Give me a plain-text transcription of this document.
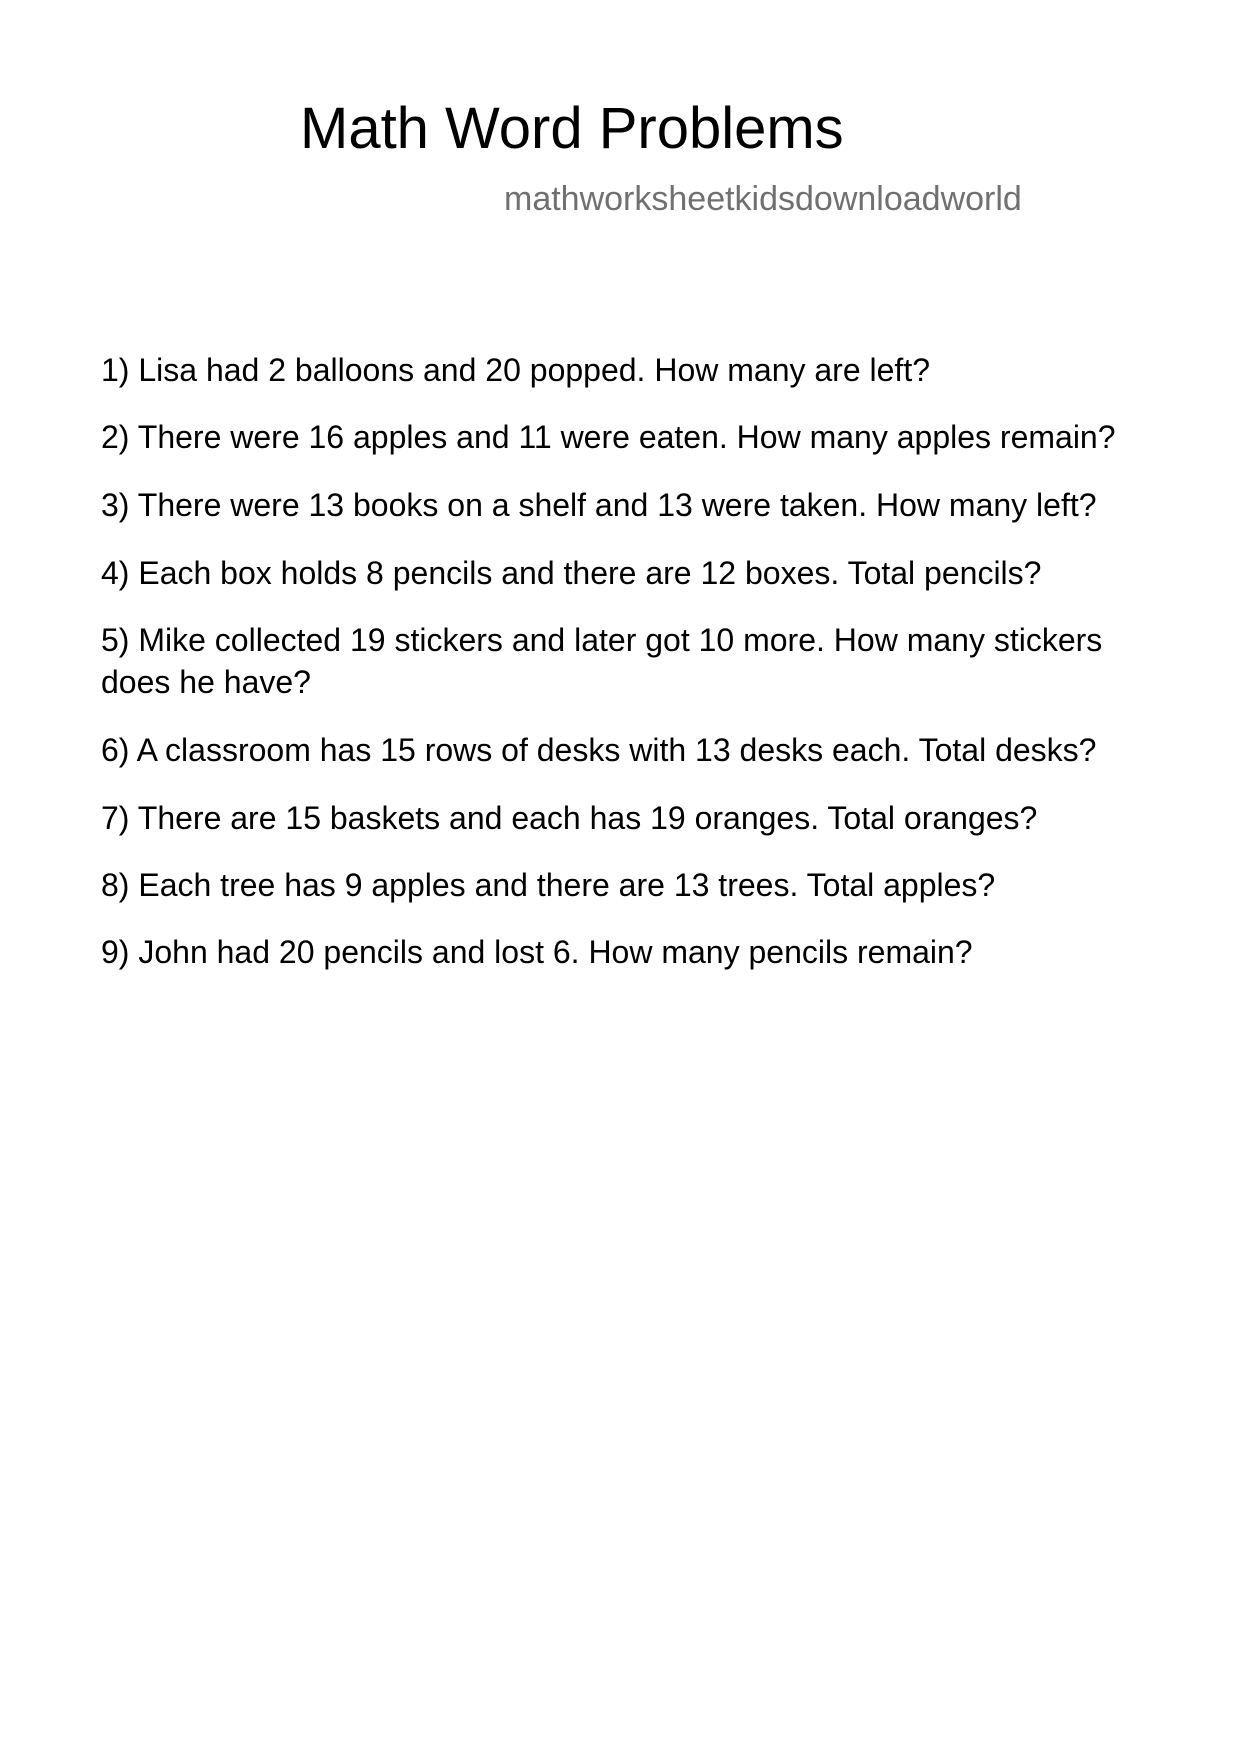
Math Word Problems
mathworksheetkidsdownloadworld
1) Lisa had 2 balloons and 20 popped. How many are left?
2) There were 16 apples and 11 were eaten. How many apples remain?
3) There were 13 books on a shelf and 13 were taken. How many left?
4) Each box holds 8 pencils and there are 12 boxes. Total pencils?
5) Mike collected 19 stickers and later got 10 more. How many stickers does he have?
6) A classroom has 15 rows of desks with 13 desks each. Total desks?
7) There are 15 baskets and each has 19 oranges. Total oranges?
8) Each tree has 9 apples and there are 13 trees. Total apples?
9) John had 20 pencils and lost 6. How many pencils remain?
